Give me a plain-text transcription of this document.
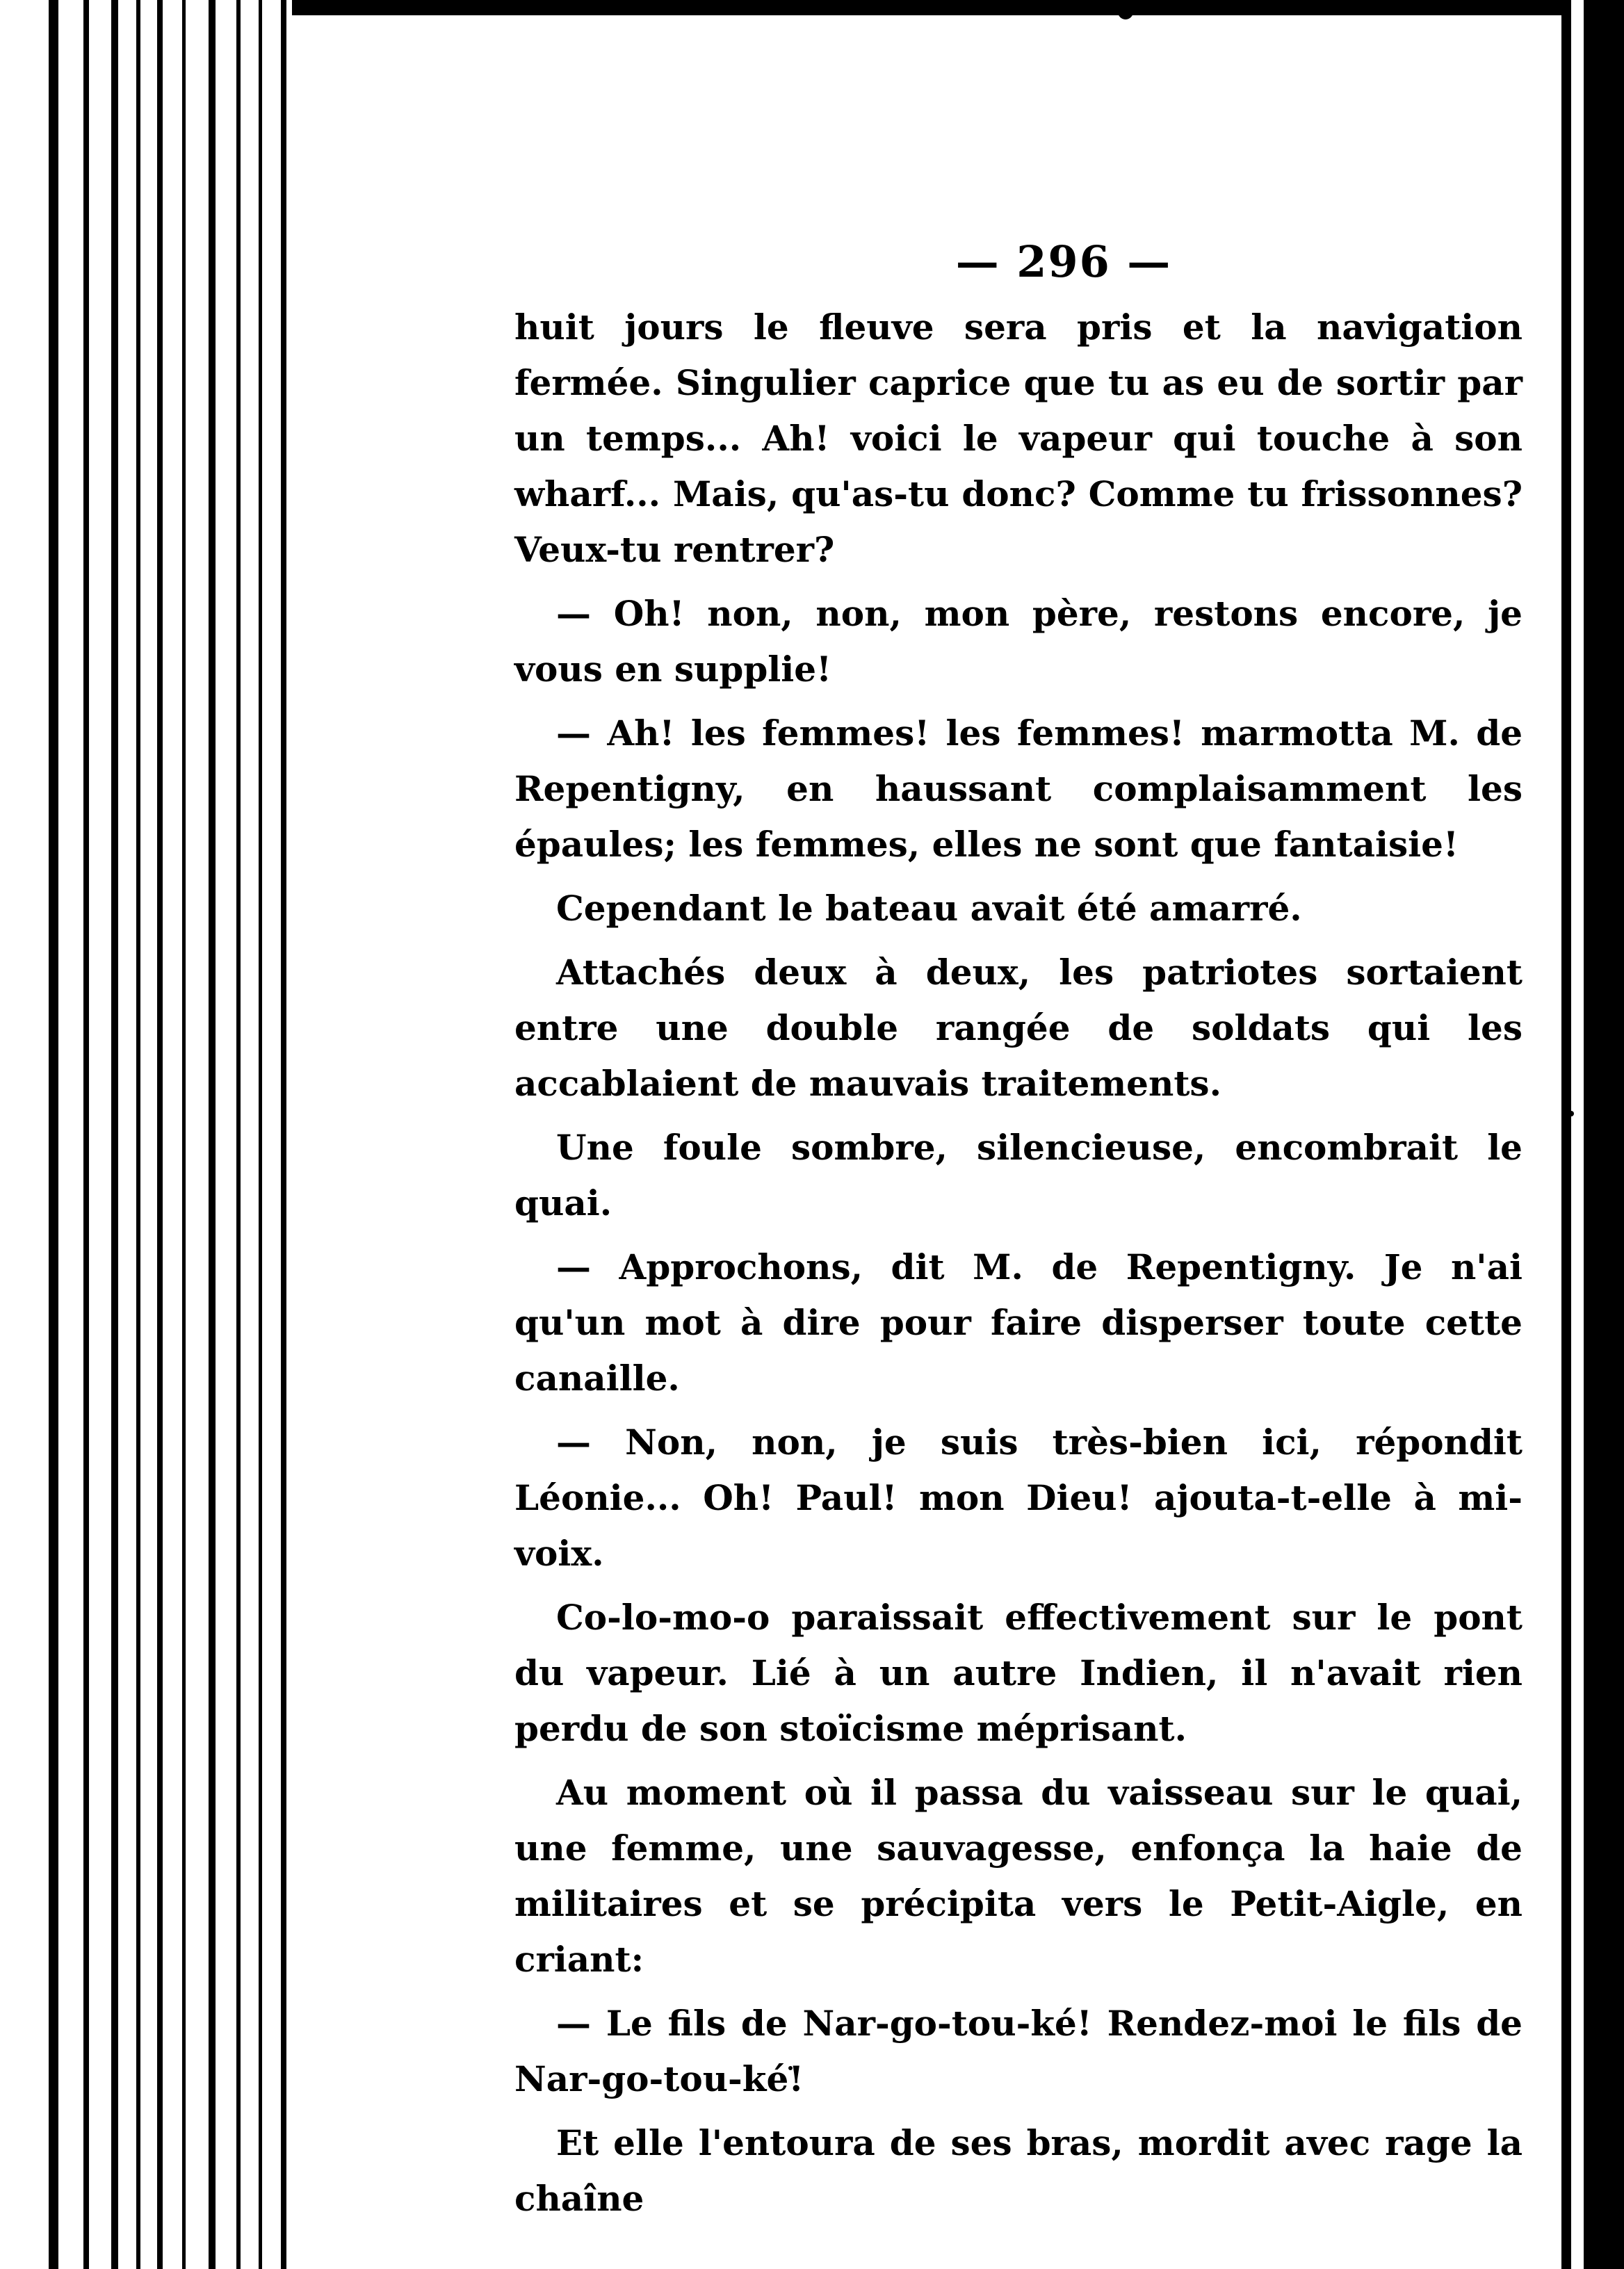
— 296 —

huit jours le fleuve sera pris et la navigation fermée. Singulier caprice que tu as eu de sortir par un temps... Ah! voici le vapeur qui touche à son wharf... Mais, qu'as-tu donc? Comme tu frissonnes? Veux-tu rentrer?

— Oh! non, non, mon père, restons encore, je vous en supplie!

— Ah! les femmes! les femmes! marmotta M. de Repentigny, en haussant complaisamment les épaules; les femmes, elles ne sont que fantaisie!

Cependant le bateau avait été amarré.

Attachés deux à deux, les patriotes sortaient entre une double rangée de soldats qui les accablaient de mauvais traitements.

Une foule sombre, silencieuse, encombrait le quai.

— Approchons, dit M. de Repentigny. Je n'ai qu'un mot à dire pour faire disperser toute cette canaille.

— Non, non, je suis très-bien ici, répondit Léonie... Oh! Paul! mon Dieu! ajouta-t-elle à mi-voix.

Co-lo-mo-o paraissait effectivement sur le pont du vapeur. Lié à un autre Indien, il n'avait rien perdu de son stoïcisme méprisant.

Au moment où il passa du vaisseau sur le quai, une femme, une sauvagesse, enfonça la haie de militaires et se précipita vers le Petit-Aigle, en criant:

— Le fils de Nar-go-tou-ké! Rendez-moi le fils de Nar-go-tou-ké!

Et elle l'entoura de ses bras, mordit avec rage la chaîne
